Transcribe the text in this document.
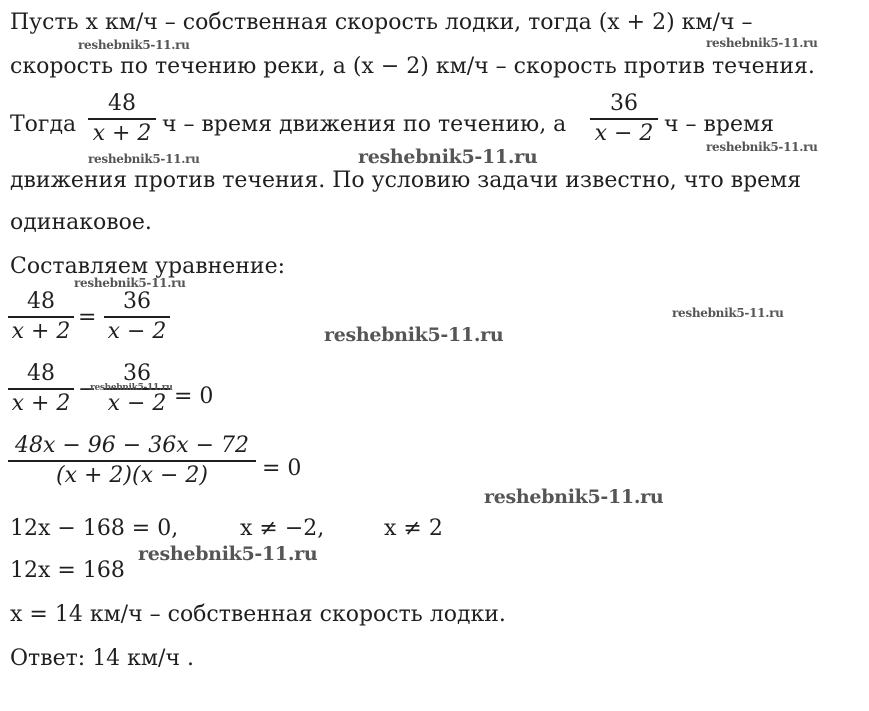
Пусть x км/ч – собственная скорость лодки, тогда (x + 2) км/ч –
скорость по течению реки, а (x − 2) км/ч – скорость против течения.
Тогда
48
x + 2 ч – время движения по течению, а
36
x − 2 ч – время
движения против течения. По условию задачи известно, что время
одинаковое.
Составляем уравнение:
48
x + 2
=
36
x − 2
48
x + 2
−
36
x − 2 = 0
48x − 96 − 36x − 72
(x + 2)(x − 2)	= 0
12x − 168 = 0,	x ≠ −2,	x ≠ 2
12x = 168
x = 14 км/ч – собственная скорость лодки.
Ответ: 14 км/ч .
reshebnik5-11.ru	reshebnik5-11.ru
reshebnik5-11.ru	reshebnik5-11.ru	reshebnik5-11.ru
reshebnik5-11.ru
reshebnik5-11.ru
reshebnik5-11.ru
reshebnik5-11.ru
reshebnik5-11.ru
reshebnik5-11.ru
